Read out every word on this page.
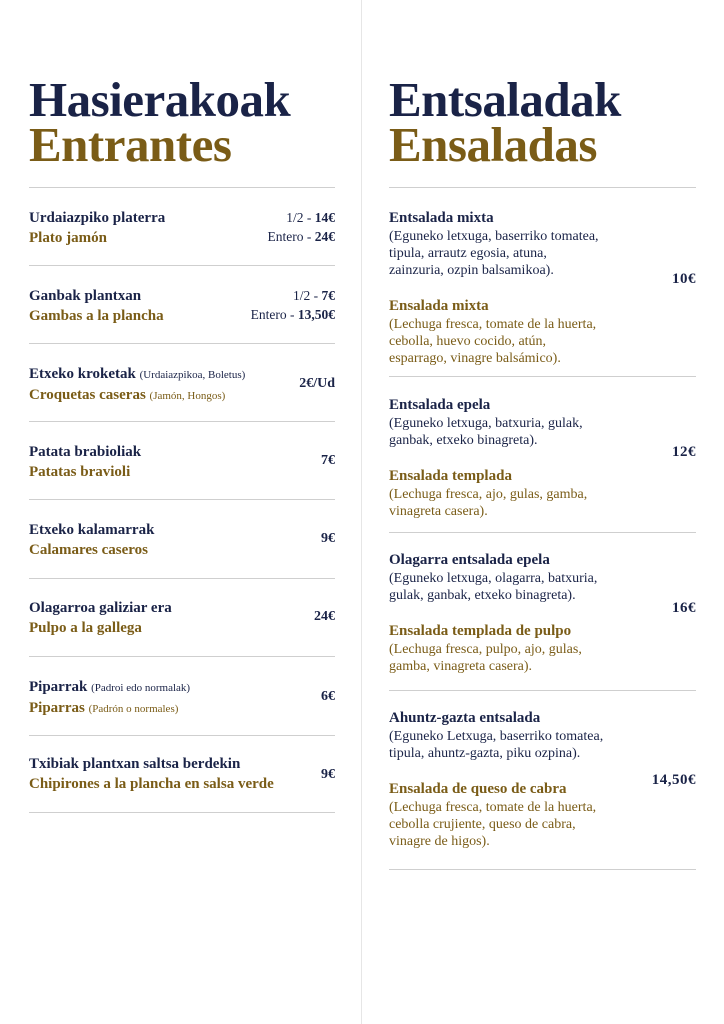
Hasierakoak
Entrantes
Urdaiazpiko platerra
Plato jamón
1/2 - 14€
Entero - 24€
Ganbak plantxan
Gambas a la plancha
1/2 - 7€
Entero - 13,50€
Etxeko kroketak (Urdaiazpikoa, Boletus)
Croquetas caseras (Jamón, Hongos)
2€/Ud
Patata brabioliak
Patatas bravioli
7€
Etxeko kalamarrak
Calamares caseros
9€
Olagarroa galiziar era
Pulpo a la gallega
24€
Piparrak (Padroi edo normalak)
Piparras (Padrón o normales)
6€
Txibiak plantxan saltsa berdekin
Chipirones a la plancha en salsa verde
9€
Entsaladak
Ensaladas
Entsalada mixta
(Eguneko letxuga, baserriko tomatea,
tipula, arrautz egosia, atuna,
zainzuria, ozpin balsamikoa).
Ensalada mixta
(Lechuga fresca, tomate de la huerta,
cebolla, huevo cocido, atún,
esparrago, vinagre balsámico).
10€
Entsalada epela
(Eguneko letxuga, batxuria, gulak,
ganbak, etxeko binagreta).
Ensalada templada
(Lechuga fresca, ajo, gulas, gamba,
vinagreta casera).
12€
Olagarra entsalada epela
(Eguneko letxuga, olagarra, batxuria,
gulak, ganbak, etxeko binagreta).
Ensalada templada de pulpo
(Lechuga fresca, pulpo, ajo, gulas,
gamba, vinagreta casera).
16€
Ahuntz-gazta entsalada
(Eguneko Letxuga, baserriko tomatea,
tipula, ahuntz-gazta, piku ozpina).
Ensalada de queso de cabra
(Lechuga fresca, tomate de la huerta,
cebolla crujiente, queso de cabra,
vinagre de higos).
14,50€
